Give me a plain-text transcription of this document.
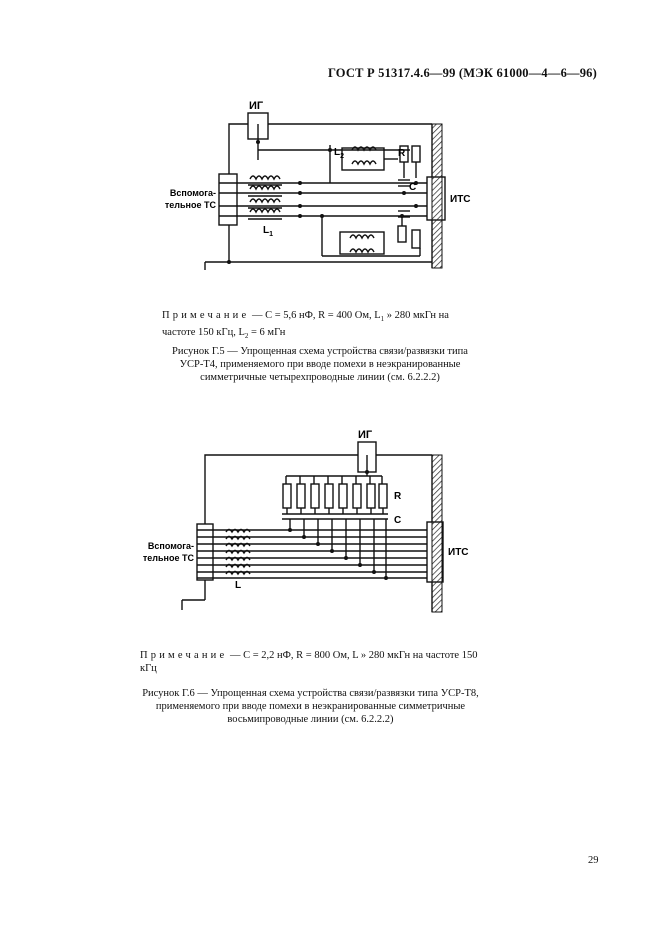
ГОСТ Р 51317.4.6—99 (МЭК 61000—4—6—96)
ИГ
Вспомога-
тельное ТС	ИТС
$L_1$
$L_2$	R
C
Примечание — C = 5,6 нФ, R = 400 Ом, $L_1$ » 280 мкГн на частоте 150 кГц, $L_2 = 6$ мГн
Рисунок Г.5 — Упрощенная схема устройства связи/развязки типа УСР-Т4, применяемого при вводе помехи в неэкранированные симметричные четырехпроводные линии (см. 6.2.2.2)
ИГ
Вспомога-
тельное ТС	ИТС
L
R
C
Примечание — C = 2,2 нФ, R = 800 Ом, L » 280 мкГн на частоте 150 кГц
Рисунок Г.6 — Упрощенная схема устройства связи/развязки типа УСР-Т8, применяемого при вводе помехи в неэкранированные симметричные восьмипроводные линии (см. 6.2.2.2)
29
